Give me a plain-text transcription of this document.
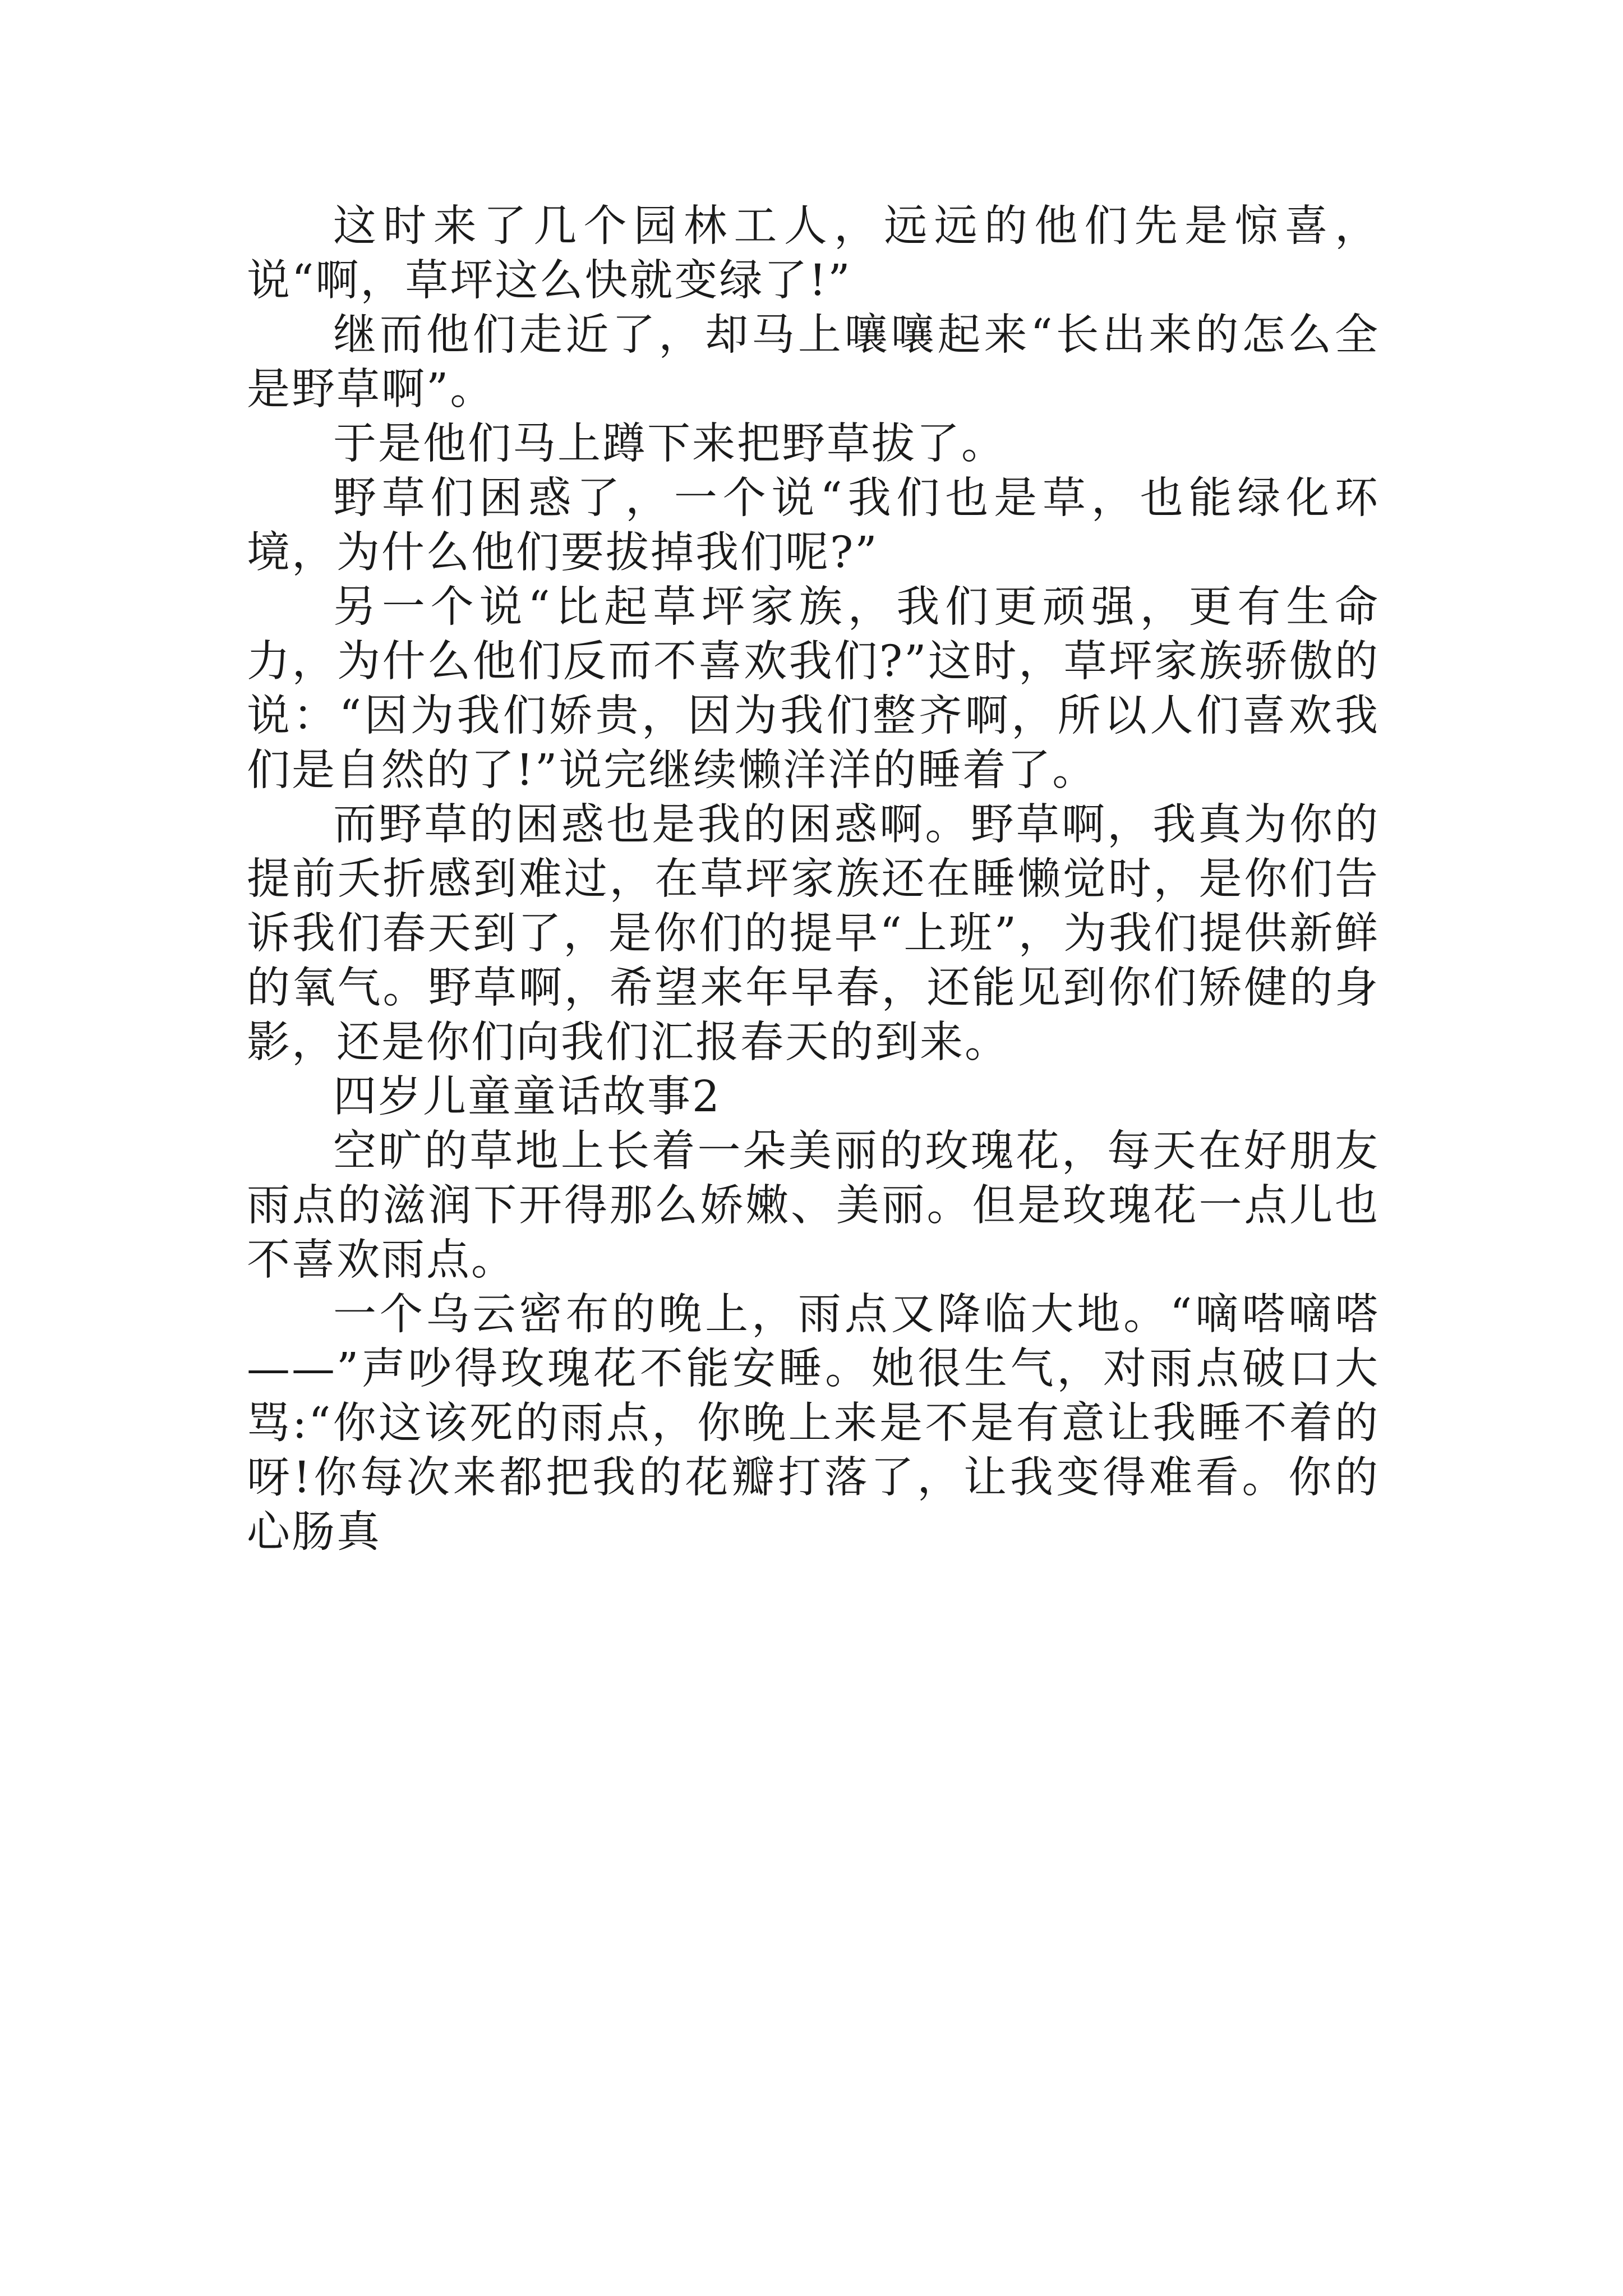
这时来了几个园林工人，远远的他们先是惊喜，说“啊，草坪这么快就变绿了!”

继而他们走近了，却马上嚷嚷起来“长出来的怎么全是野草啊”。

于是他们马上蹲下来把野草拔了。

野草们困惑了，一个说“我们也是草，也能绿化环境，为什么他们要拔掉我们呢?”

另一个说“比起草坪家族，我们更顽强，更有生命力，为什么他们反而不喜欢我们?”这时，草坪家族骄傲的说：“因为我们娇贵，因为我们整齐啊，所以人们喜欢我们是自然的了!”说完继续懒洋洋的睡着了。

而野草的困惑也是我的困惑啊。野草啊，我真为你的提前夭折感到难过，在草坪家族还在睡懒觉时，是你们告诉我们春天到了，是你们的提早“上班”，为我们提供新鲜的氧气。野草啊，希望来年早春，还能见到你们矫健的身影，还是你们向我们汇报春天的到来。

四岁儿童童话故事2

空旷的草地上长着一朵美丽的玫瑰花，每天在好朋友雨点的滋润下开得那么娇嫩、美丽。但是玫瑰花一点儿也不喜欢雨点。

一个乌云密布的晚上，雨点又降临大地。“嘀嗒嘀嗒——”声吵得玫瑰花不能安睡。她很生气，对雨点破口大骂:“你这该死的雨点，你晚上来是不是有意让我睡不着的呀!你每次来都把我的花瓣打落了，让我变得难看。你的心肠真
